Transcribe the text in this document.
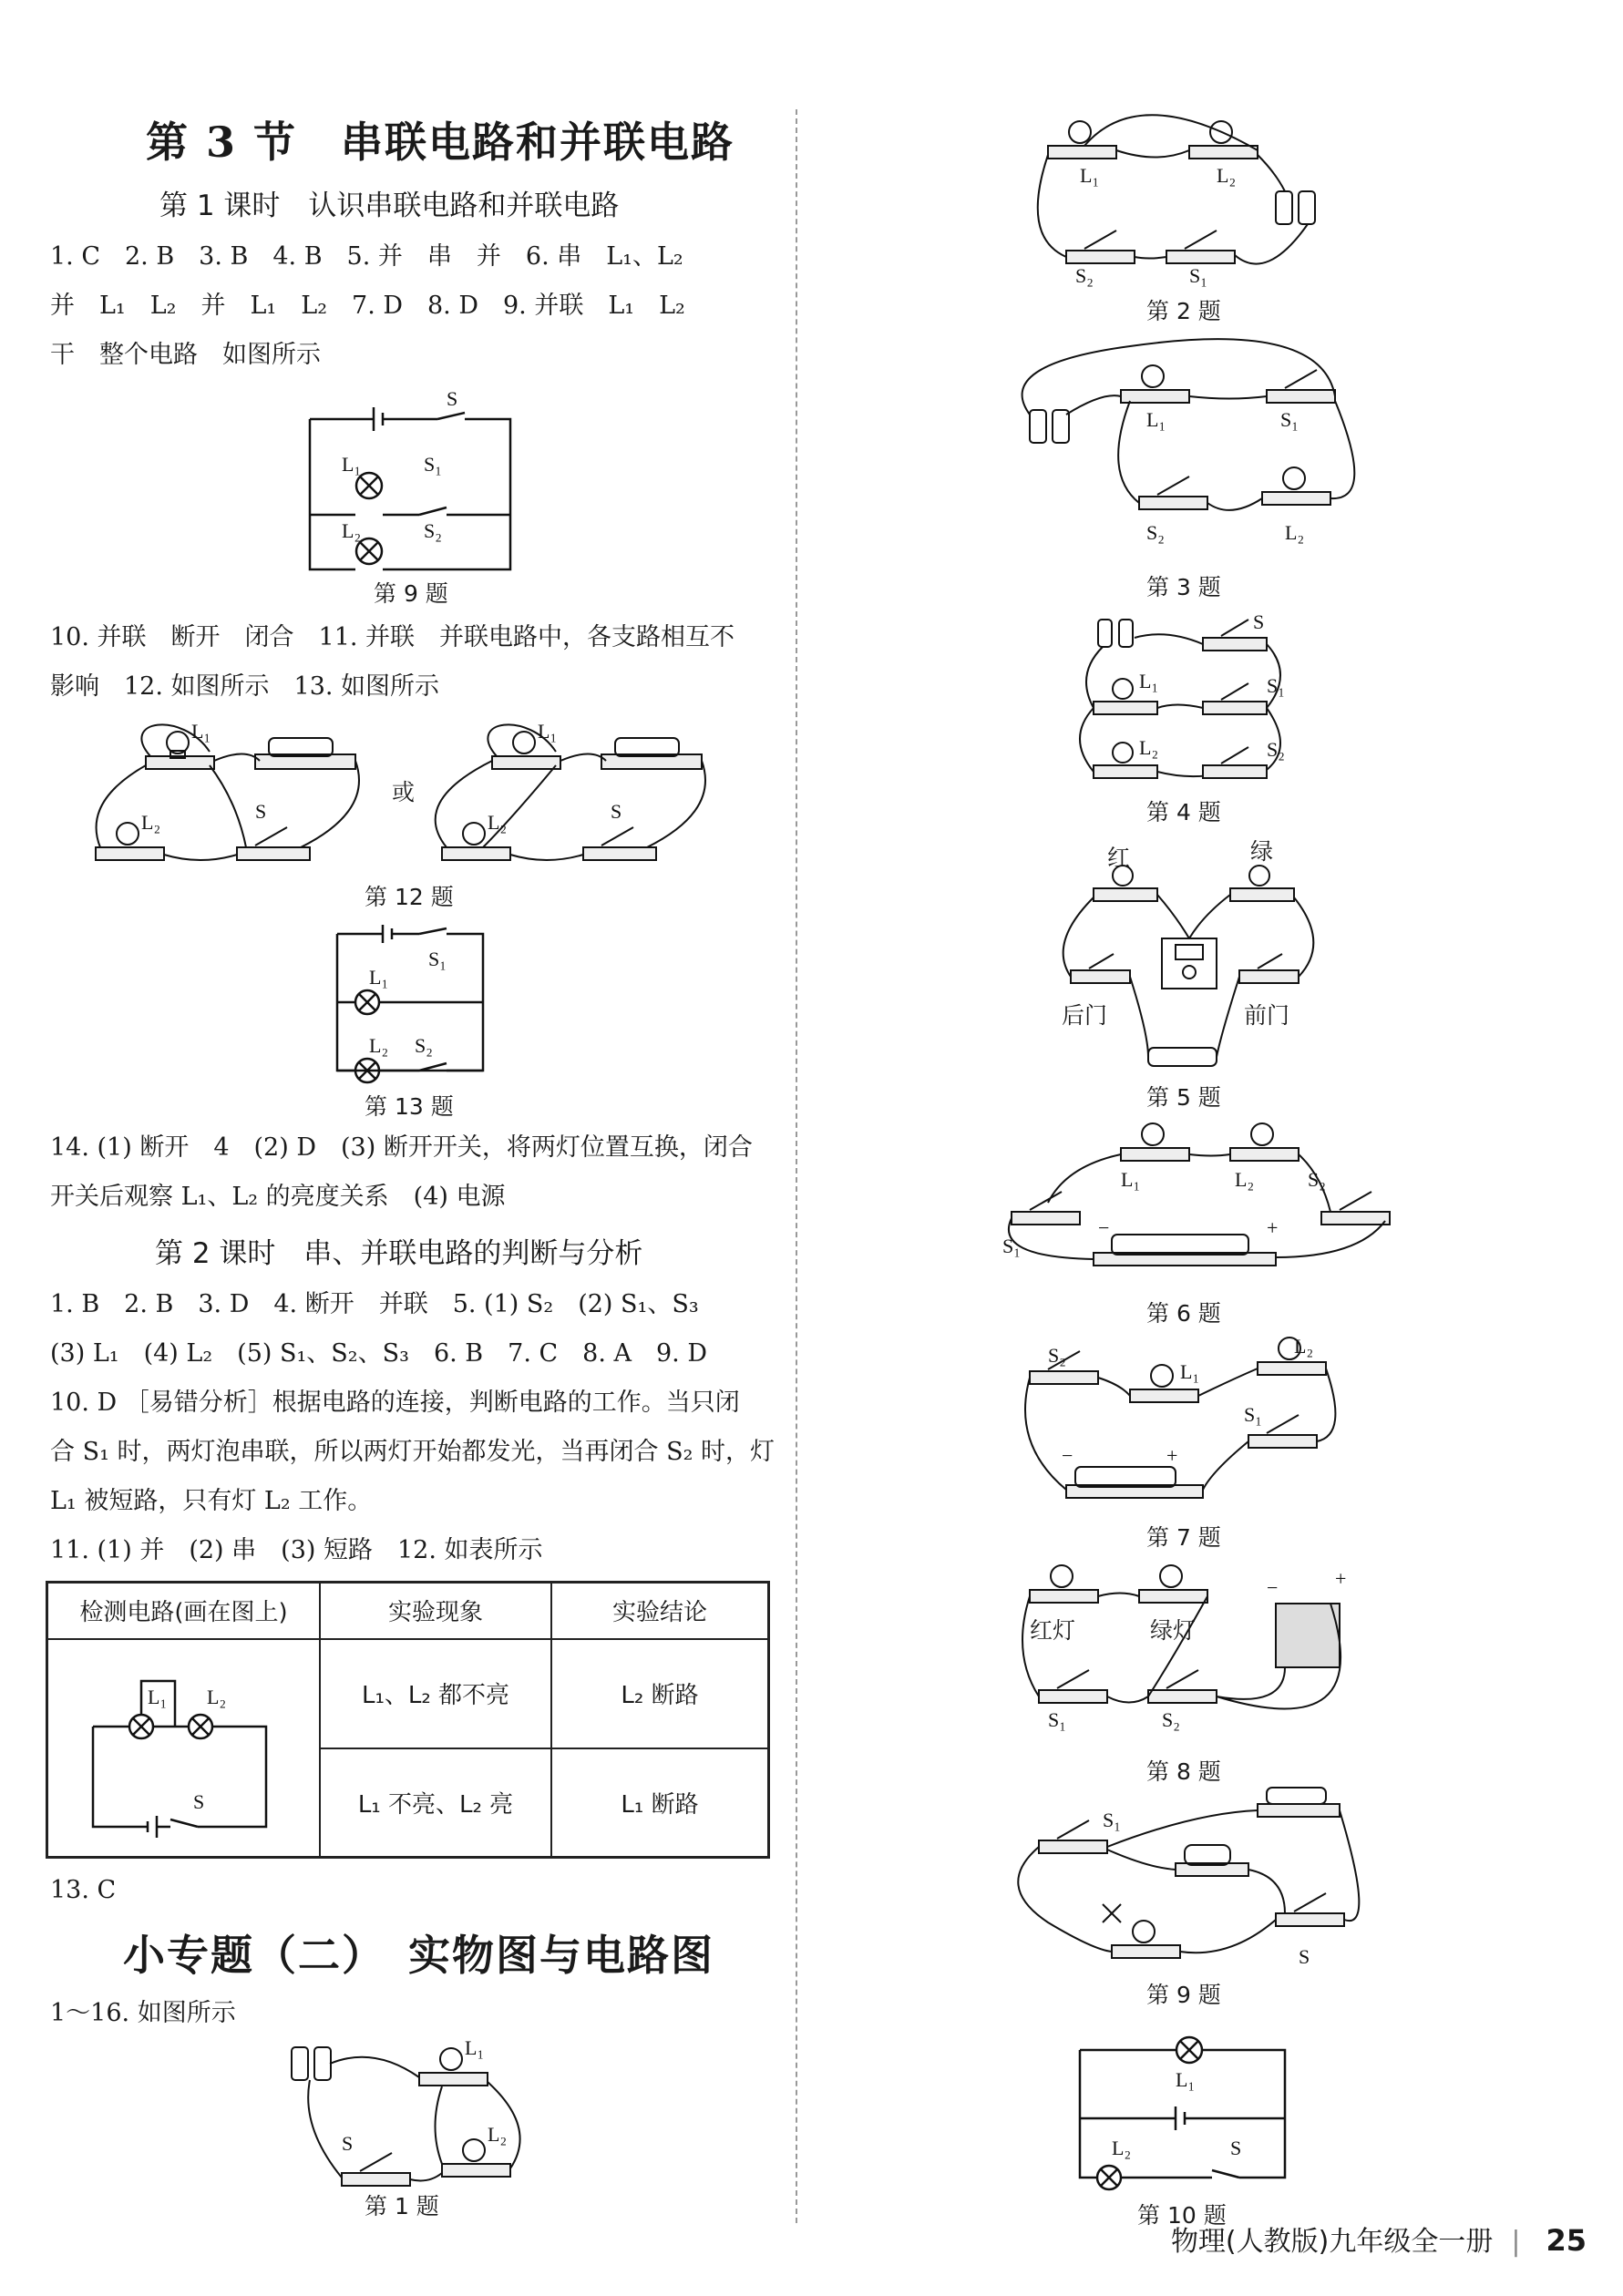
第 3 节　串联电路和并联电路
第 1 课时　认识串联电路和并联电路
1. C　2. B　3. B　4. B　5. 并　串　并　6. 串　L₁、L₂
并　L₁　L₂　并　L₁　L₂　7. D　8. D　9. 并联　L₁　L₂
干　整个电路　如图所示
S
L₁	S₁
L₂	S₂
第 9 题
10. 并联　断开　闭合　11. 并联　并联电路中，各支路相互不
影响　12. 如图所示　13. 如图所示
L₁
L₂	S
或
L₁
L₂	S
第 12 题
S₁
L₁
L₂ S₂
第 13 题
14. (1) 断开　4　(2) D　(3) 断开开关，将两灯位置互换，闭合
开关后观察 L₁、L₂ 的亮度关系　(4) 电源
第 2 课时　串、并联电路的判断与分析
1. B　2. B　3. D　4. 断开　并联　5. (1) S₂　(2) S₁、S₃
(3) L₁　(4) L₂　(5) S₁、S₂、S₃　6. B　7. C　8. A　9. D
10. D ［易错分析］根据电路的连接，判断电路的工作。当只闭
合 S₁ 时，两灯泡串联，所以两灯开始都发光，当再闭合 S₂ 时，灯
L₁ 被短路，只有灯 L₂ 工作。
11. (1) 并　(2) 串　(3) 短路　12. 如表所示
检测电路(画在图上)	实验现象	实验结论

L₁ L₂
S	L₁、L₂ 都不亮	L₂ 断路
	L₁ 不亮、L₂ 亮	L₁ 断路
13. C
小专题（二）　实物图与电路图
1～16. 如图所示
L₁
L₂
S
第 1 题
L₁	L₂
S₂	S₁
第 2 题
L₁	S₁
S₂	L₂
第 3 题
S
L₁	S₁
L₂	S₂
第 4 题
红	绿
后门	前门
第 5 题
L₁	L₂	S₂
S₁
−	+
第 6 题
S₂
L₁
L₂
S₁
−	+
第 7 题
−	+
S₁	S₂
红灯	绿灯
第 8 题
S₁
S
第 9 题
L₁
L₂	S
第 10 题
物理(人教版)九年级全一册 | 25
